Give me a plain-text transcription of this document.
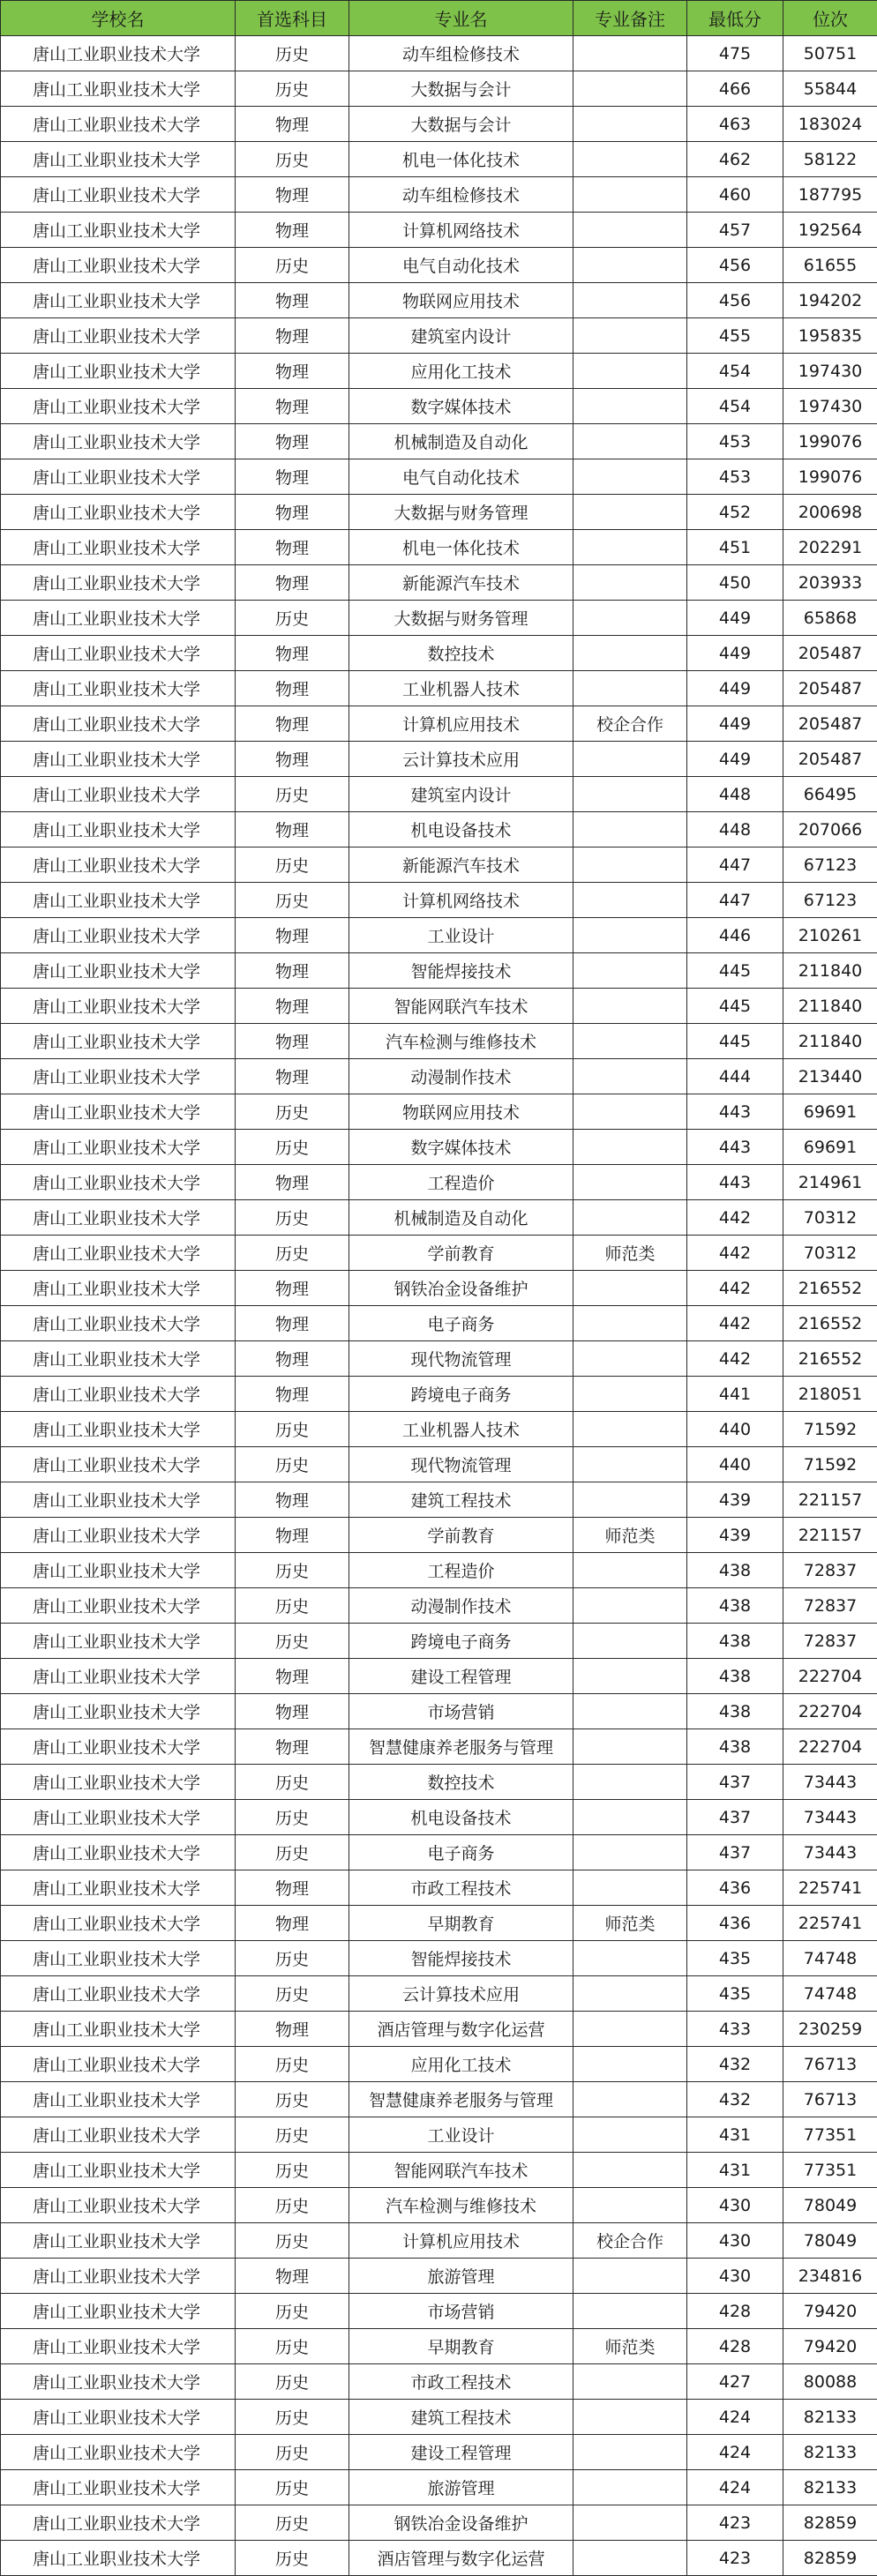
学校名	首选科目	专业名	专业备注	最低分	位次
唐山工业职业技术大学	历史	动车组检修技术		475	50751
唐山工业职业技术大学	历史	大数据与会计		466	55844
唐山工业职业技术大学	物理	大数据与会计		463	183024
唐山工业职业技术大学	历史	机电一体化技术		462	58122
唐山工业职业技术大学	物理	动车组检修技术		460	187795
唐山工业职业技术大学	物理	计算机网络技术		457	192564
唐山工业职业技术大学	历史	电气自动化技术		456	61655
唐山工业职业技术大学	物理	物联网应用技术		456	194202
唐山工业职业技术大学	物理	建筑室内设计		455	195835
唐山工业职业技术大学	物理	应用化工技术		454	197430
唐山工业职业技术大学	物理	数字媒体技术		454	197430
唐山工业职业技术大学	物理	机械制造及自动化		453	199076
唐山工业职业技术大学	物理	电气自动化技术		453	199076
唐山工业职业技术大学	物理	大数据与财务管理		452	200698
唐山工业职业技术大学	物理	机电一体化技术		451	202291
唐山工业职业技术大学	物理	新能源汽车技术		450	203933
唐山工业职业技术大学	历史	大数据与财务管理		449	65868
唐山工业职业技术大学	物理	数控技术		449	205487
唐山工业职业技术大学	物理	工业机器人技术		449	205487
唐山工业职业技术大学	物理	计算机应用技术	校企合作	449	205487
唐山工业职业技术大学	物理	云计算技术应用		449	205487
唐山工业职业技术大学	历史	建筑室内设计		448	66495
唐山工业职业技术大学	物理	机电设备技术		448	207066
唐山工业职业技术大学	历史	新能源汽车技术		447	67123
唐山工业职业技术大学	历史	计算机网络技术		447	67123
唐山工业职业技术大学	物理	工业设计		446	210261
唐山工业职业技术大学	物理	智能焊接技术		445	211840
唐山工业职业技术大学	物理	智能网联汽车技术		445	211840
唐山工业职业技术大学	物理	汽车检测与维修技术		445	211840
唐山工业职业技术大学	物理	动漫制作技术		444	213440
唐山工业职业技术大学	历史	物联网应用技术		443	69691
唐山工业职业技术大学	历史	数字媒体技术		443	69691
唐山工业职业技术大学	物理	工程造价		443	214961
唐山工业职业技术大学	历史	机械制造及自动化		442	70312
唐山工业职业技术大学	历史	学前教育	师范类	442	70312
唐山工业职业技术大学	物理	钢铁冶金设备维护		442	216552
唐山工业职业技术大学	物理	电子商务		442	216552
唐山工业职业技术大学	物理	现代物流管理		442	216552
唐山工业职业技术大学	物理	跨境电子商务		441	218051
唐山工业职业技术大学	历史	工业机器人技术		440	71592
唐山工业职业技术大学	历史	现代物流管理		440	71592
唐山工业职业技术大学	物理	建筑工程技术		439	221157
唐山工业职业技术大学	物理	学前教育	师范类	439	221157
唐山工业职业技术大学	历史	工程造价		438	72837
唐山工业职业技术大学	历史	动漫制作技术		438	72837
唐山工业职业技术大学	历史	跨境电子商务		438	72837
唐山工业职业技术大学	物理	建设工程管理		438	222704
唐山工业职业技术大学	物理	市场营销		438	222704
唐山工业职业技术大学	物理	智慧健康养老服务与管理		438	222704
唐山工业职业技术大学	历史	数控技术		437	73443
唐山工业职业技术大学	历史	机电设备技术		437	73443
唐山工业职业技术大学	历史	电子商务		437	73443
唐山工业职业技术大学	物理	市政工程技术		436	225741
唐山工业职业技术大学	物理	早期教育	师范类	436	225741
唐山工业职业技术大学	历史	智能焊接技术		435	74748
唐山工业职业技术大学	历史	云计算技术应用		435	74748
唐山工业职业技术大学	物理	酒店管理与数字化运营		433	230259
唐山工业职业技术大学	历史	应用化工技术		432	76713
唐山工业职业技术大学	历史	智慧健康养老服务与管理		432	76713
唐山工业职业技术大学	历史	工业设计		431	77351
唐山工业职业技术大学	历史	智能网联汽车技术		431	77351
唐山工业职业技术大学	历史	汽车检测与维修技术		430	78049
唐山工业职业技术大学	历史	计算机应用技术	校企合作	430	78049
唐山工业职业技术大学	物理	旅游管理		430	234816
唐山工业职业技术大学	历史	市场营销		428	79420
唐山工业职业技术大学	历史	早期教育	师范类	428	79420
唐山工业职业技术大学	历史	市政工程技术		427	80088
唐山工业职业技术大学	历史	建筑工程技术		424	82133
唐山工业职业技术大学	历史	建设工程管理		424	82133
唐山工业职业技术大学	历史	旅游管理		424	82133
唐山工业职业技术大学	历史	钢铁冶金设备维护		423	82859
唐山工业职业技术大学	历史	酒店管理与数字化运营		423	82859
